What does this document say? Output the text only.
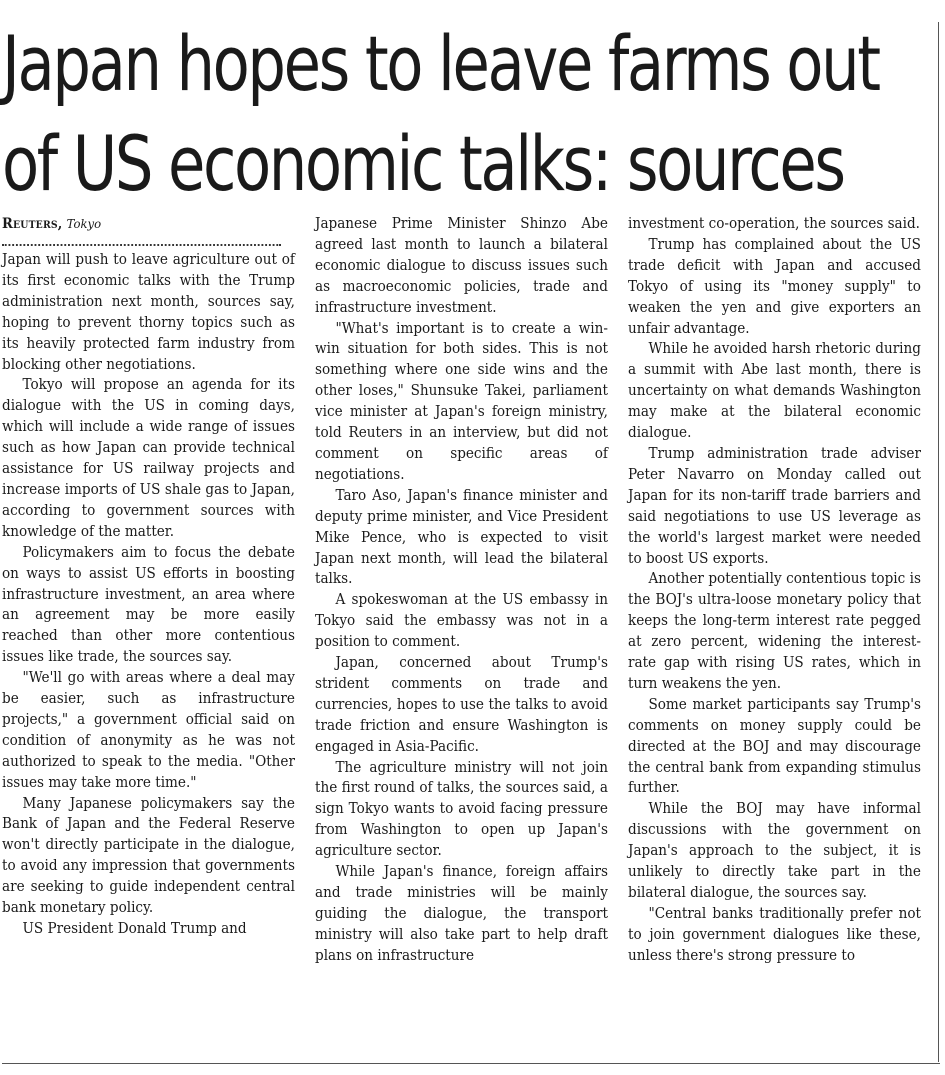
Japan hopes to leave farms out
of US economic talks: sources
Reuters, Tokyo

Japan will push to leave agriculture out of its first economic talks with the Trump administration next month, sources say, hoping to prevent thorny topics such as its heavily protected farm industry from blocking other negotiations.

Tokyo will propose an agenda for its dialogue with the US in coming days, which will include a wide range of issues such as how Japan can provide technical assistance for US railway projects and increase imports of US shale gas to Japan, according to government sources with knowledge of the matter.

Policymakers aim to focus the debate on ways to assist US efforts in boosting infrastructure investment, an area where an agreement may be more easily reached than other more contentious issues like trade, the sources say.

"We'll go with areas where a deal may be easier, such as infrastructure projects," a government official said on condition of anonymity as he was not authorized to speak to the media. "Other issues may take more time."

Many Japanese policymakers say the Bank of Japan and the Federal Reserve won't directly participate in the dialogue, to avoid any impression that governments are seeking to guide independent central bank monetary policy.

US President Donald Trump and

Japanese Prime Minister Shinzo Abe agreed last month to launch a bilateral economic dialogue to discuss issues such as macroeconomic policies, trade and infrastructure investment.

"What's important is to create a win-win situation for both sides. This is not something where one side wins and the other loses," Shunsuke Takei, parliament vice minister at Japan's foreign ministry, told Reuters in an interview, but did not comment on specific areas of negotiations.

Taro Aso, Japan's finance minister and deputy prime minister, and Vice President Mike Pence, who is expected to visit Japan next month, will lead the bilateral talks.

A spokeswoman at the US embassy in Tokyo said the embassy was not in a position to comment.

Japan, concerned about Trump's strident comments on trade and currencies, hopes to use the talks to avoid trade friction and ensure Washington is engaged in Asia-Pacific.

The agriculture ministry will not join the first round of talks, the sources said, a sign Tokyo wants to avoid facing pressure from Washington to open up Japan's agriculture sector.

While Japan's finance, foreign affairs and trade ministries will be mainly guiding the dialogue, the transport ministry will also take part to help draft plans on infrastructure

investment co-operation, the sources said.

Trump has complained about the US trade deficit with Japan and accused Tokyo of using its "money supply" to weaken the yen and give exporters an unfair advantage.

While he avoided harsh rhetoric during a summit with Abe last month, there is uncertainty on what demands Washington may make at the bilateral economic dialogue.

Trump administration trade adviser Peter Navarro on Monday called out Japan for its non-tariff trade barriers and said negotiations to use US leverage as the world's largest market were needed to boost US exports.

Another potentially contentious topic is the BOJ's ultra-loose monetary policy that keeps the long-term interest rate pegged at zero percent, widening the interest-rate gap with rising US rates, which in turn weakens the yen.

Some market participants say Trump's comments on money supply could be directed at the BOJ and may discourage the central bank from expanding stimulus further.

While the BOJ may have informal discussions with the government on Japan's approach to the subject, it is unlikely to directly take part in the bilateral dialogue, the sources say.

"Central banks traditionally prefer not to join government dialogues like these, unless there's strong pressure to
